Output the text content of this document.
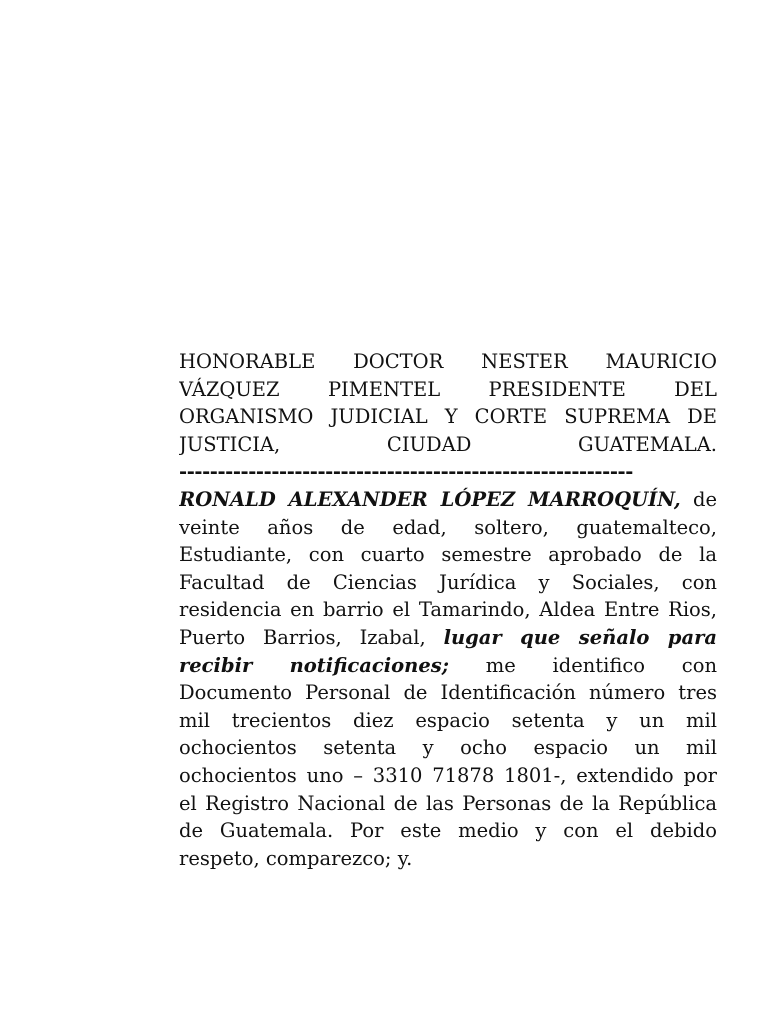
HONORABLE DOCTOR NESTER MAURICIO
VÁZQUEZ PIMENTEL PRESIDENTE DEL
ORGANISMO JUDICIAL Y CORTE SUPREMA DE
JUSTICIA, CIUDAD GUATEMALA.
-----------------------------------------------------------
RONALD ALEXANDER LÓPEZ MARROQUÍN, de
veinte años de edad, soltero, guatemalteco,
Estudiante, con cuarto semestre aprobado de la
Facultad de Ciencias Jurídica y Sociales, con
residencia en barrio el Tamarindo, Aldea Entre Rios,
Puerto Barrios, Izabal, lugar que señalo para
recibir notificaciones; me identifico con
Documento Personal de Identificación número tres
mil trecientos diez espacio setenta y un mil
ochocientos setenta y ocho espacio un mil
ochocientos uno – 3310 71878 1801-, extendido por
el Registro Nacional de las Personas de la República
de Guatemala. Por este medio y con el debido
respeto, comparezco; y.
